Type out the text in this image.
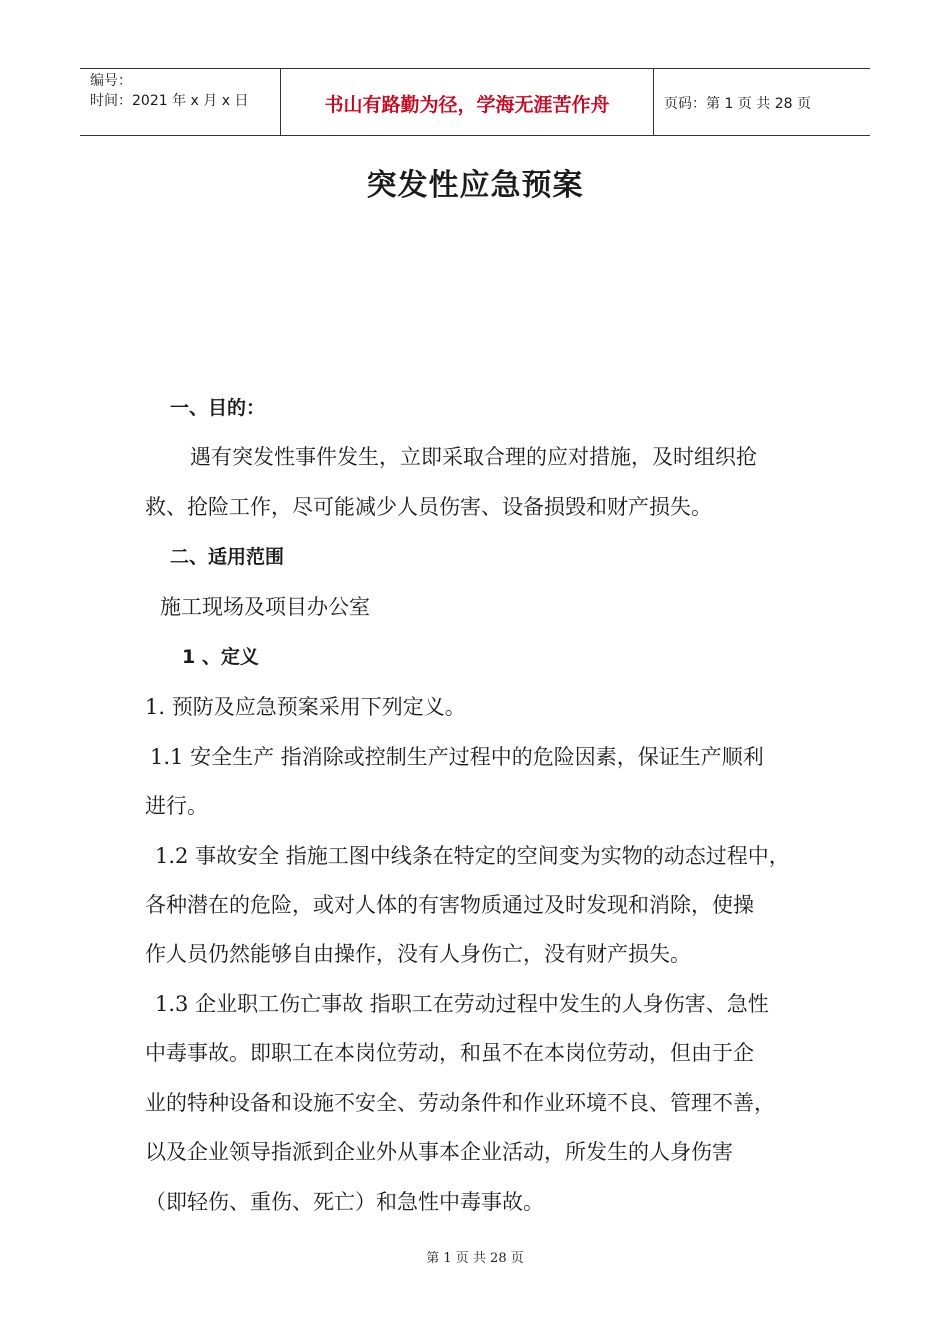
编号：
时间：2021 年 x 月 x 日	书山有路勤为径，学海无涯苦作舟	页码：第 1 页 共 28 页
突发性应急预案
一、目的：
遇有突发性事件发生，立即采取合理的应对措施，及时组织抢
救、抢险工作，尽可能减少人员伤害、设备损毁和财产损失。
二、适用范围
施工现场及项目办公室
1 、定义
1. 预防及应急预案采用下列定义。
1.1 安全生产 指消除或控制生产过程中的危险因素，保证生产顺利
进行。
1.2 事故安全 指施工图中线条在特定的空间变为实物的动态过程中，
各种潜在的危险，或对人体的有害物质通过及时发现和消除，使操
作人员仍然能够自由操作，没有人身伤亡，没有财产损失。
1.3 企业职工伤亡事故 指职工在劳动过程中发生的人身伤害、急性
中毒事故。即职工在本岗位劳动，和虽不在本岗位劳动，但由于企
业的特种设备和设施不安全、劳动条件和作业环境不良、管理不善，
以及企业领导指派到企业外从事本企业活动，所发生的人身伤害
（即轻伤、重伤、死亡）和急性中毒事故。
第 1 页 共 28 页
